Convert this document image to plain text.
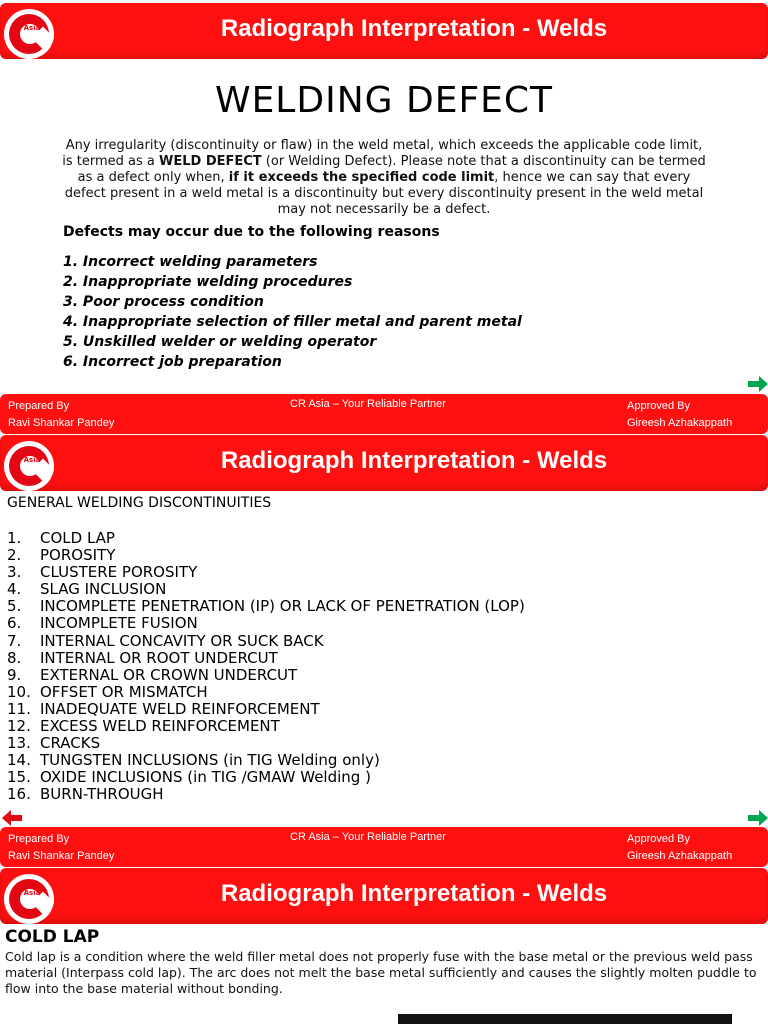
Asia	Radiograph Interpretation - Welds
WELDING DEFECT
Any irregularity (discontinuity or flaw) in the weld metal, which exceeds the applicable code limit, is termed as a WELD DEFECT (or Welding Defect). Please note that a discontinuity can be termed as a defect only when, if it exceeds the specified code limit, hence we can say that every defect present in a weld metal is a discontinuity but every discontinuity present in the weld metal may not necessarily be a defect.
Defects may occur due to the following reasons
1. Incorrect welding parameters
2. Inappropriate welding procedures
3. Poor process condition
4. Inappropriate selection of filler metal and parent metal
5. Unskilled welder or welding operator
6. Incorrect job preparation
Prepared By
Ravi Shankar Pandey
CR Asia – Your Reliable Partner	Approved By
Gireesh Azhakappath
Asia	Radiograph Interpretation - Welds
GENERAL WELDING DISCONTINUITIES
1. COLD LAP
2. POROSITY
3. CLUSTERE POROSITY
4. SLAG INCLUSION
5. INCOMPLETE PENETRATION (IP) OR LACK OF PENETRATION (LOP)
6. INCOMPLETE FUSION
7. INTERNAL CONCAVITY OR SUCK BACK
8. INTERNAL OR ROOT UNDERCUT
9. EXTERNAL OR CROWN UNDERCUT
10. OFFSET OR MISMATCH
11. INADEQUATE WELD REINFORCEMENT
12. EXCESS WELD REINFORCEMENT
13. CRACKS
14. TUNGSTEN INCLUSIONS (in TIG Welding only)
15. OXIDE INCLUSIONS (in TIG /GMAW Welding )
16. BURN-THROUGH
Prepared By
Ravi Shankar Pandey
CR Asia – Your Reliable Partner	Approved By
Gireesh Azhakappath
Asia	Radiograph Interpretation - Welds
COLD LAP
Cold lap is a condition where the weld filler metal does not properly fuse with the base metal or the previous weld pass material (Interpass cold lap). The arc does not melt the base metal sufficiently and causes the slightly molten puddle to flow into the base material without bonding.
